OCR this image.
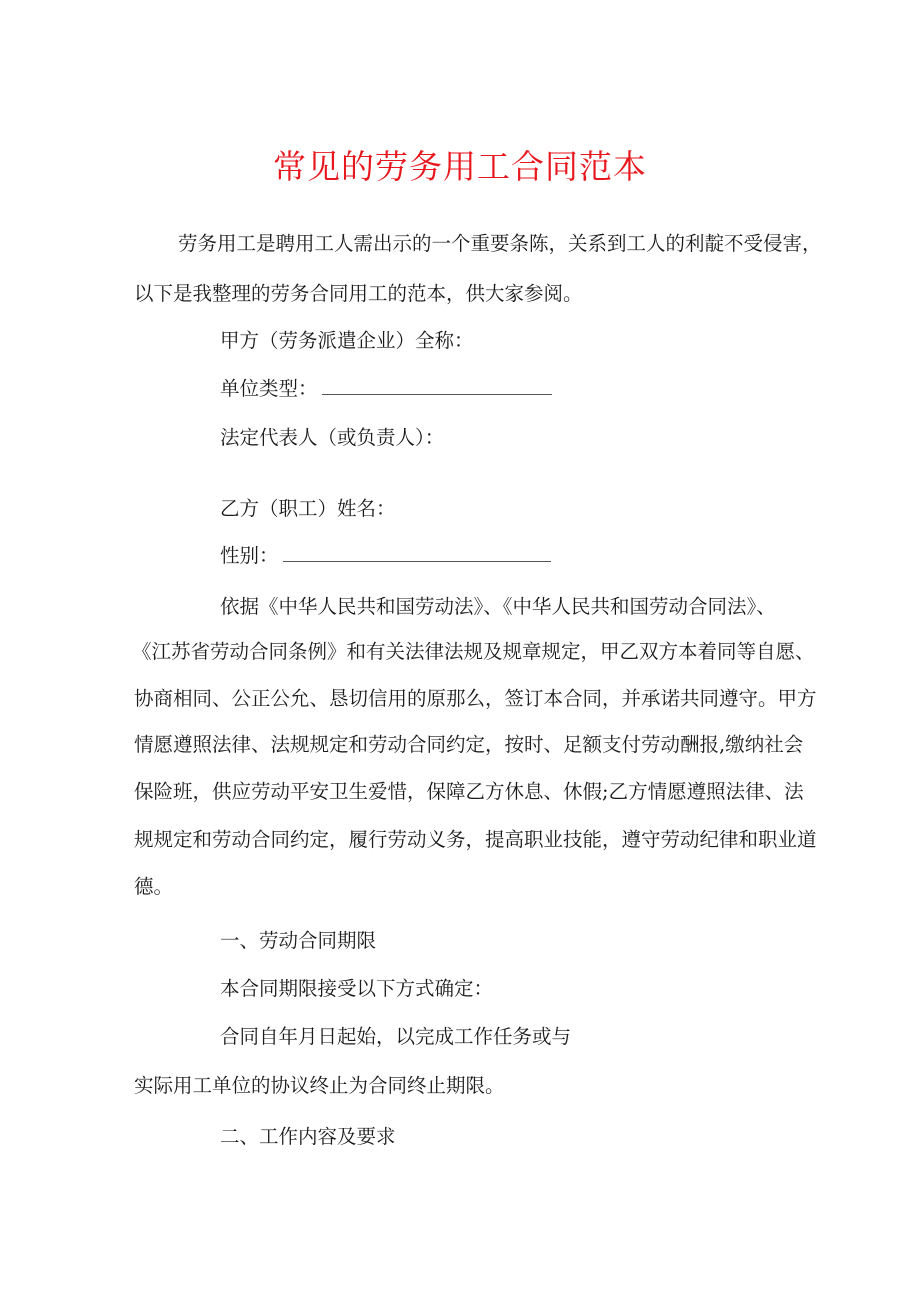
常见的劳务用工合同范本
劳务用工是聘用工人需出示的一个重要条陈，关系到工人的利靛不受侵害，
以下是我整理的劳务合同用工的范本，供大家参阅。
甲方（劳务派遣企业）全称：
单位类型：
法定代表人（或负责人）：
乙方（职工）姓名：
性别：
依据《中华人民共和国劳动法》、《中华人民共和国劳动合同法》、
《江苏省劳动合同条例》和有关法律法规及规章规定，甲乙双方本着同等自愿、
协商相同、公正公允、恳切信用的原那么，签订本合同，并承诺共同遵守。甲方
情愿遵照法律、法规规定和劳动合同约定，按时、足额支付劳动酬报,缴纳社会
保险班，供应劳动平安卫生爱惜，保障乙方休息、休假;乙方情愿遵照法律、法
规规定和劳动合同约定，履行劳动义务，提高职业技能，遵守劳动纪律和职业道
德。
一、劳动合同期限
本合同期限接受以下方式确定：
合同自年月日起始，以完成工作任务或与
实际用工单位的协议终止为合同终止期限。
二、工作内容及要求
